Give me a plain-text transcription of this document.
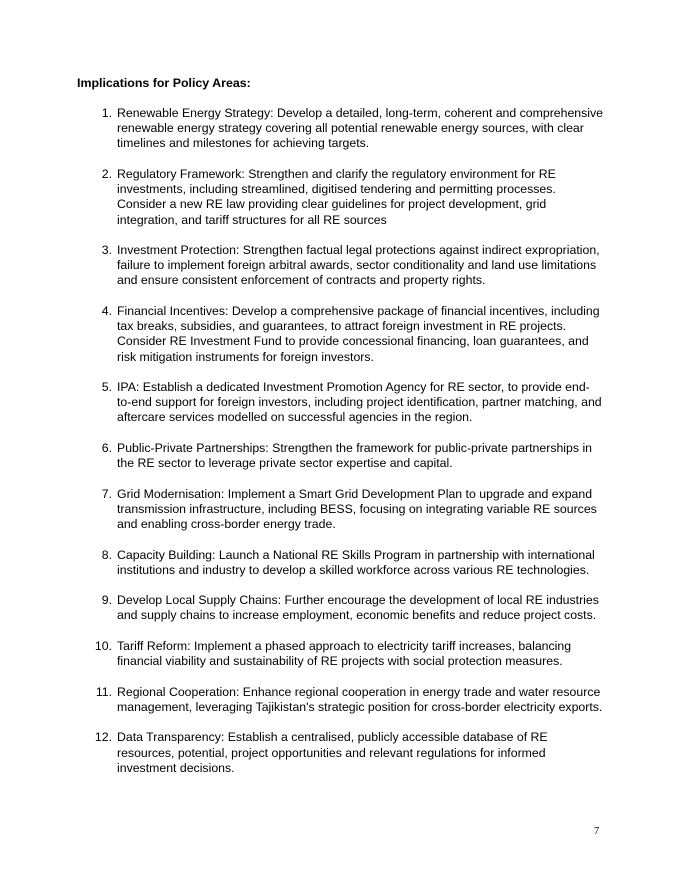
Implications for Policy Areas:
1. Renewable Energy Strategy: Develop a detailed, long-term, coherent and comprehensive
renewable energy strategy covering all potential renewable energy sources, with clear
timelines and milestones for achieving targets.
2. Regulatory Framework: Strengthen and clarify the regulatory environment for RE
investments, including streamlined, digitised tendering and permitting processes.
Consider a new RE law providing clear guidelines for project development, grid
integration, and tariff structures for all RE sources
3. Investment Protection: Strengthen factual legal protections against indirect expropriation,
failure to implement foreign arbitral awards, sector conditionality and land use limitations
and ensure consistent enforcement of contracts and property rights.
4. Financial Incentives: Develop a comprehensive package of financial incentives, including
tax breaks, subsidies, and guarantees, to attract foreign investment in RE projects.
Consider RE Investment Fund to provide concessional financing, loan guarantees, and
risk mitigation instruments for foreign investors.
5. IPA: Establish a dedicated Investment Promotion Agency for RE sector, to provide end-
to-end support for foreign investors, including project identification, partner matching, and
aftercare services modelled on successful agencies in the region.
6. Public-Private Partnerships: Strengthen the framework for public-private partnerships in
the RE sector to leverage private sector expertise and capital.
7. Grid Modernisation: Implement a Smart Grid Development Plan to upgrade and expand
transmission infrastructure, including BESS, focusing on integrating variable RE sources
and enabling cross-border energy trade.
8. Capacity Building: Launch a National RE Skills Program in partnership with international
institutions and industry to develop a skilled workforce across various RE technologies.
9. Develop Local Supply Chains: Further encourage the development of local RE industries
and supply chains to increase employment, economic benefits and reduce project costs.
10. Tariff Reform: Implement a phased approach to electricity tariff increases, balancing
financial viability and sustainability of RE projects with social protection measures.
11. Regional Cooperation: Enhance regional cooperation in energy trade and water resource
management, leveraging Tajikistan's strategic position for cross-border electricity exports.
12. Data Transparency: Establish a centralised, publicly accessible database of RE
resources, potential, project opportunities and relevant regulations for informed
investment decisions.
7
